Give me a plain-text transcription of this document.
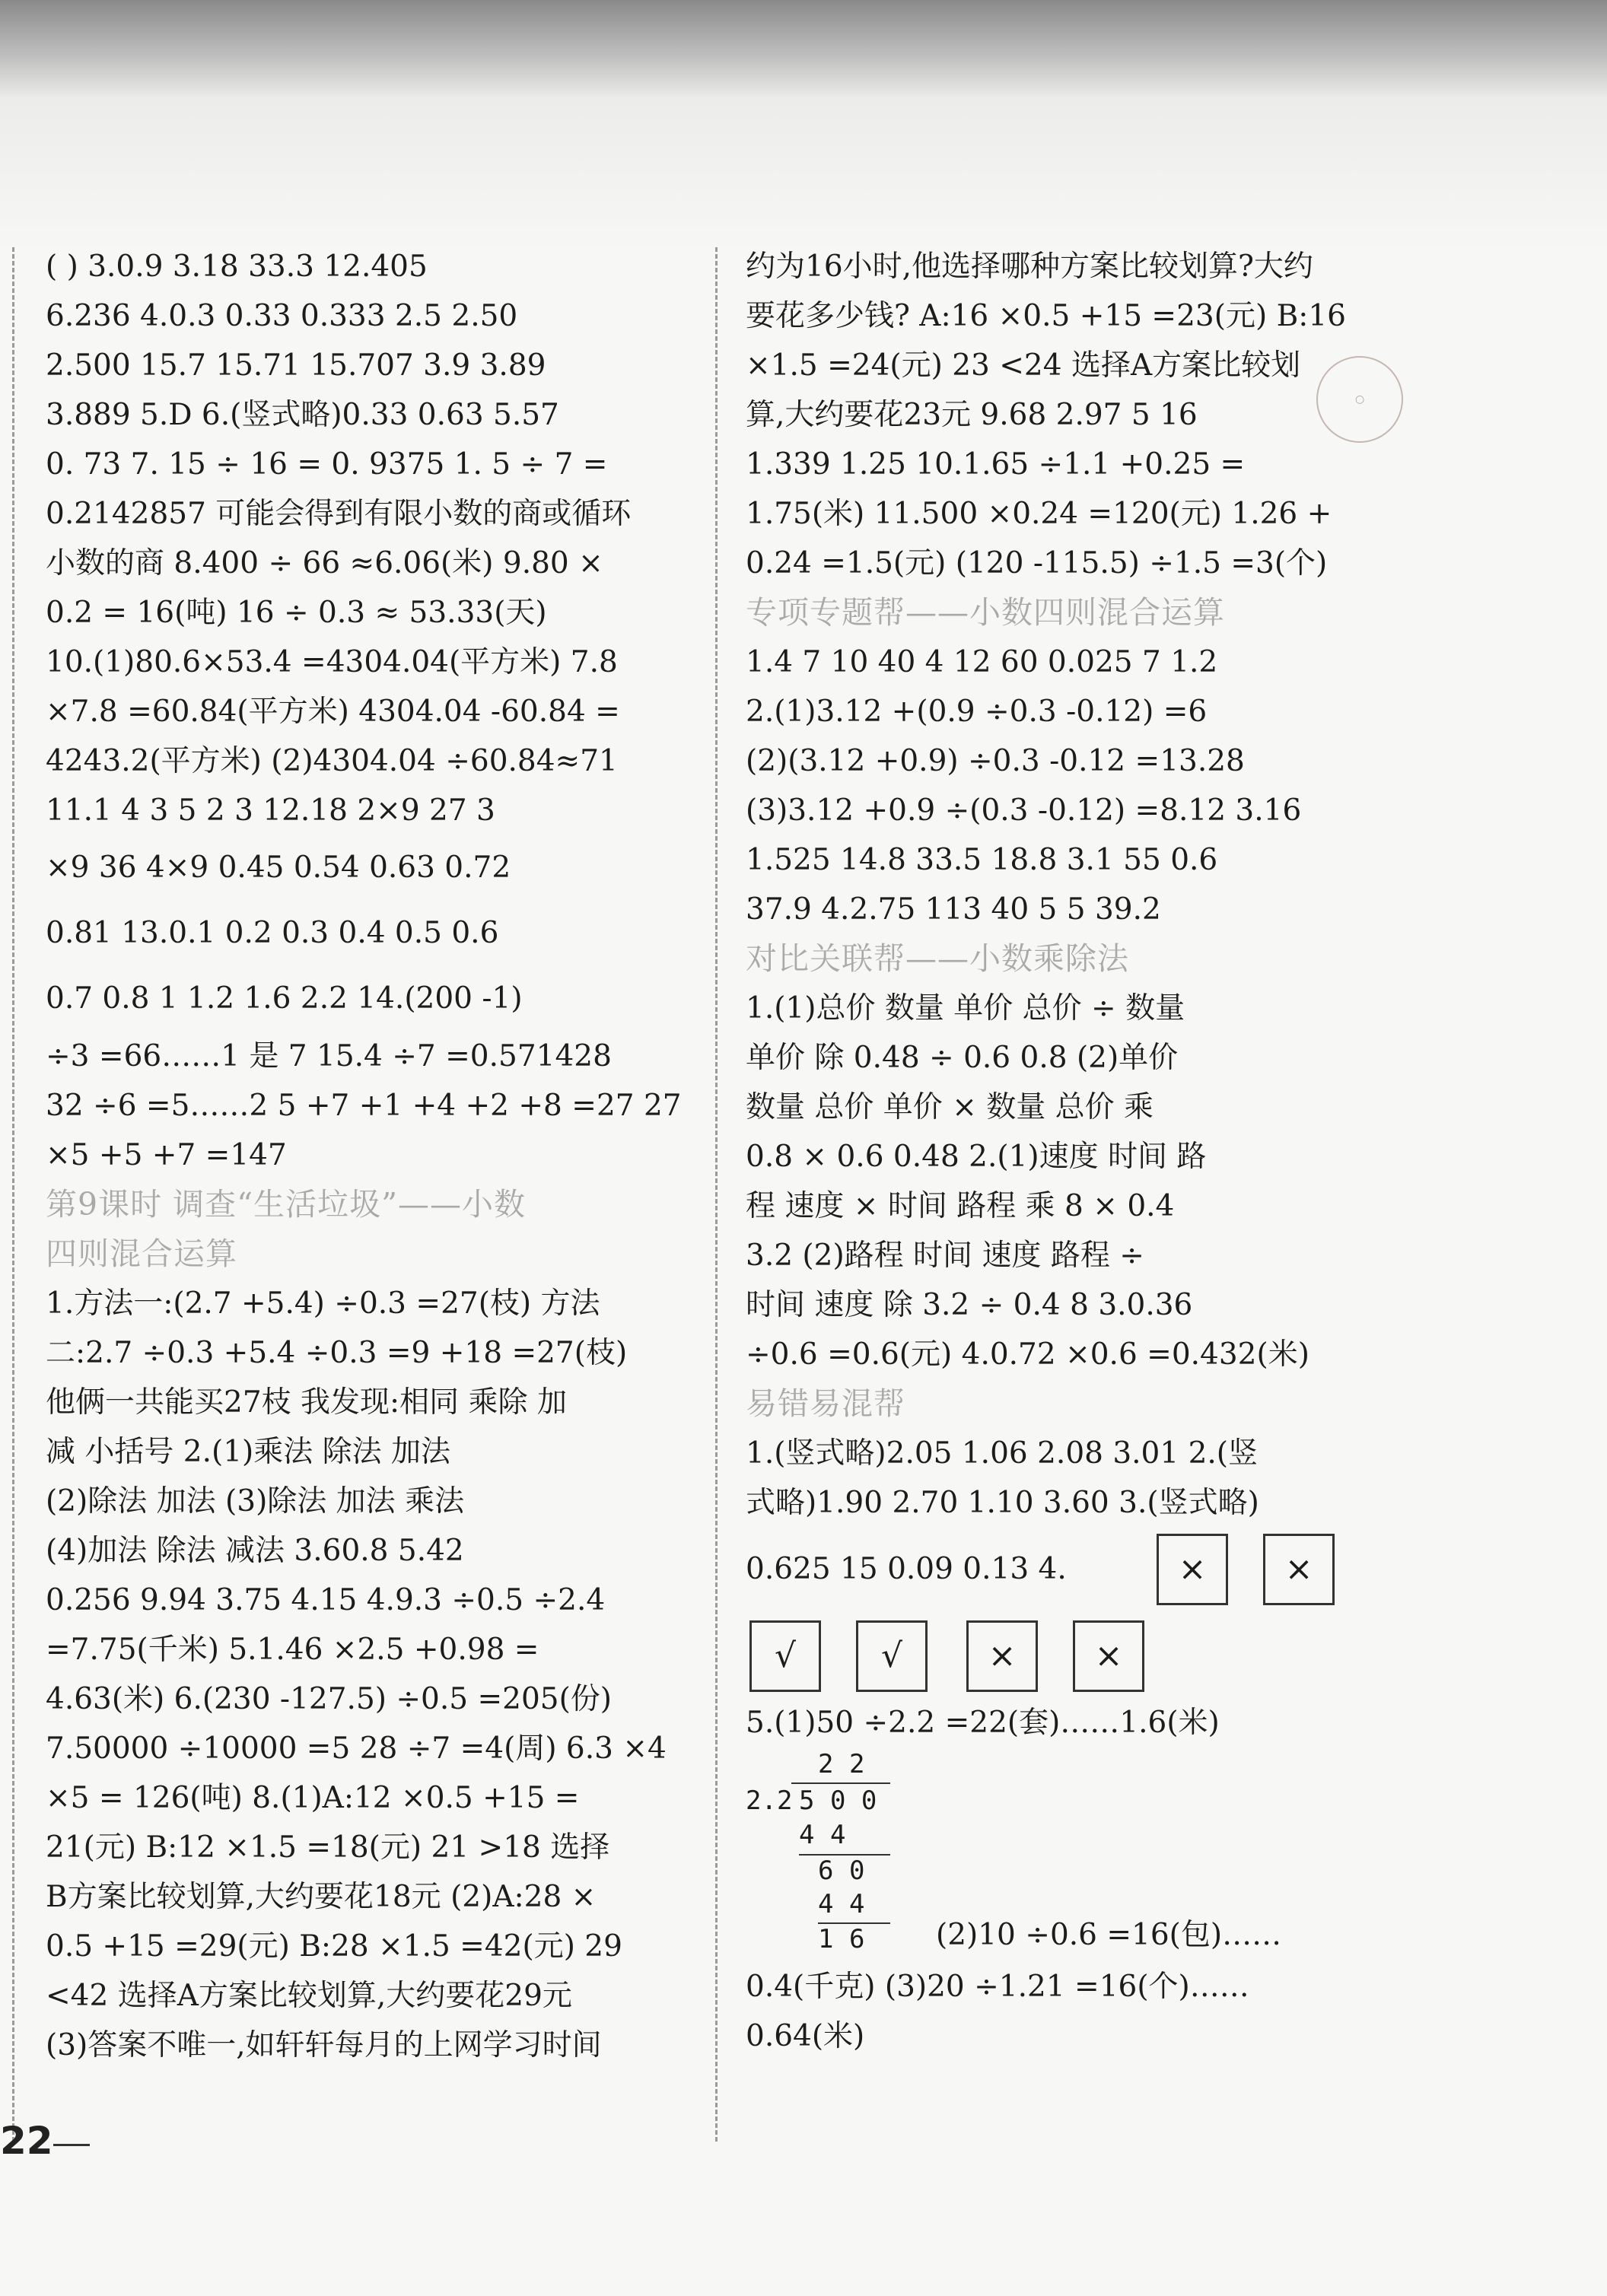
○
( ) 3.0.9 3.18 33.3 12.405
6.236 4.0.3 0.33 0.333 2.5 2.50
2.500 15.7 15.71 15.707 3.9 3.89
3.889 5.D 6.(竖式略)0.33 0.63 5.57
0. 73 7. 15 ÷ 16 = 0. 9375 1. 5 ÷ 7 =
0.2142857 可能会得到有限小数的商或循环
小数的商 8.400 ÷ 66 ≈6.06(米) 9.80 ×
0.2 = 16(吨) 16 ÷ 0.3 ≈ 53.33(天)
10.(1)80.6×53.4 =4304.04(平方米) 7.8
×7.8 =60.84(平方米) 4304.04 -60.84 =
4243.2(平方米) (2)4304.04 ÷60.84≈71
11.1 4 3 5 2 3 12.18 2×9 27 3
×9 36 4×9 0.45 0.54 0.63 0.72
0.81 13.0.1 0.2 0.3 0.4 0.5 0.6
0.7 0.8 1 1.2 1.6 2.2 14.(200 -1)
÷3 =66……1 是 7 15.4 ÷7 =0.571428
32 ÷6 =5……2 5 +7 +1 +4 +2 +8 =27 27
×5 +5 +7 =147
第9课时 调查“生活垃圾”——小数
四则混合运算
1.方法一:(2.7 +5.4) ÷0.3 =27(枝) 方法
二:2.7 ÷0.3 +5.4 ÷0.3 =9 +18 =27(枝)
他俩一共能买27枝 我发现:相同 乘除 加
减 小括号 2.(1)乘法 除法 加法
(2)除法 加法 (3)除法 加法 乘法
(4)加法 除法 减法 3.60.8 5.42
0.256 9.94 3.75 4.15 4.9.3 ÷0.5 ÷2.4
=7.75(千米) 5.1.46 ×2.5 +0.98 =
4.63(米) 6.(230 -127.5) ÷0.5 =205(份)
7.50000 ÷10000 =5 28 ÷7 =4(周) 6.3 ×4
×5 = 126(吨) 8.(1)A:12 ×0.5 +15 =
21(元) B:12 ×1.5 =18(元) 21 >18 选择
B方案比较划算,大约要花18元 (2)A:28 ×
0.5 +15 =29(元) B:28 ×1.5 =42(元) 29
<42 选择A方案比较划算,大约要花29元
(3)答案不唯一,如轩轩每月的上网学习时间
22
约为16小时,他选择哪种方案比较划算?大约
要花多少钱? A:16 ×0.5 +15 =23(元) B:16
×1.5 =24(元) 23 <24 选择A方案比较划
算,大约要花23元 9.68 2.97 5 16
1.339 1.25 10.1.65 ÷1.1 +0.25 =
1.75(米) 11.500 ×0.24 =120(元) 1.26 +
0.24 =1.5(元) (120 -115.5) ÷1.5 =3(个)
专项专题帮——小数四则混合运算
1.4 7 10 40 4 12 60 0.025 7 1.2
2.(1)3.12 +(0.9 ÷0.3 -0.12) =6
(2)(3.12 +0.9) ÷0.3 -0.12 =13.28
(3)3.12 +0.9 ÷(0.3 -0.12) =8.12 3.16
1.525 14.8 33.5 18.8 3.1 55 0.6
37.9 4.2.75 113 40 5 5 39.2
对比关联帮——小数乘除法
1.(1)总价 数量 单价 总价 ÷ 数量
单价 除 0.48 ÷ 0.6 0.8 (2)单价
数量 总价 单价 × 数量 总价 乘
0.8 × 0.6 0.48 2.(1)速度 时间 路
程 速度 × 时间 路程 乘 8 × 0.4
3.2 (2)路程 时间 速度 路程 ÷
时间 速度 除 3.2 ÷ 0.4 8 3.0.36
÷0.6 =0.6(元) 4.0.72 ×0.6 =0.432(米)
易错易混帮
1.(竖式略)2.05 1.06 2.08 3.01 2.(竖
式略)1.90 2.70 1.10 3.60 3.(竖式略)
0.625 15 0.09 0.13 4.	×	×
√	√	×	×
5.(1)50 ÷2.2 =22(套)……1.6(米)
2 2
2.2 5 0 0
4 4
6 0
4 4
1 6 (2)10 ÷0.6 =16(包)……
0.4(千克) (3)20 ÷1.21 =16(个)……
0.64(米)
